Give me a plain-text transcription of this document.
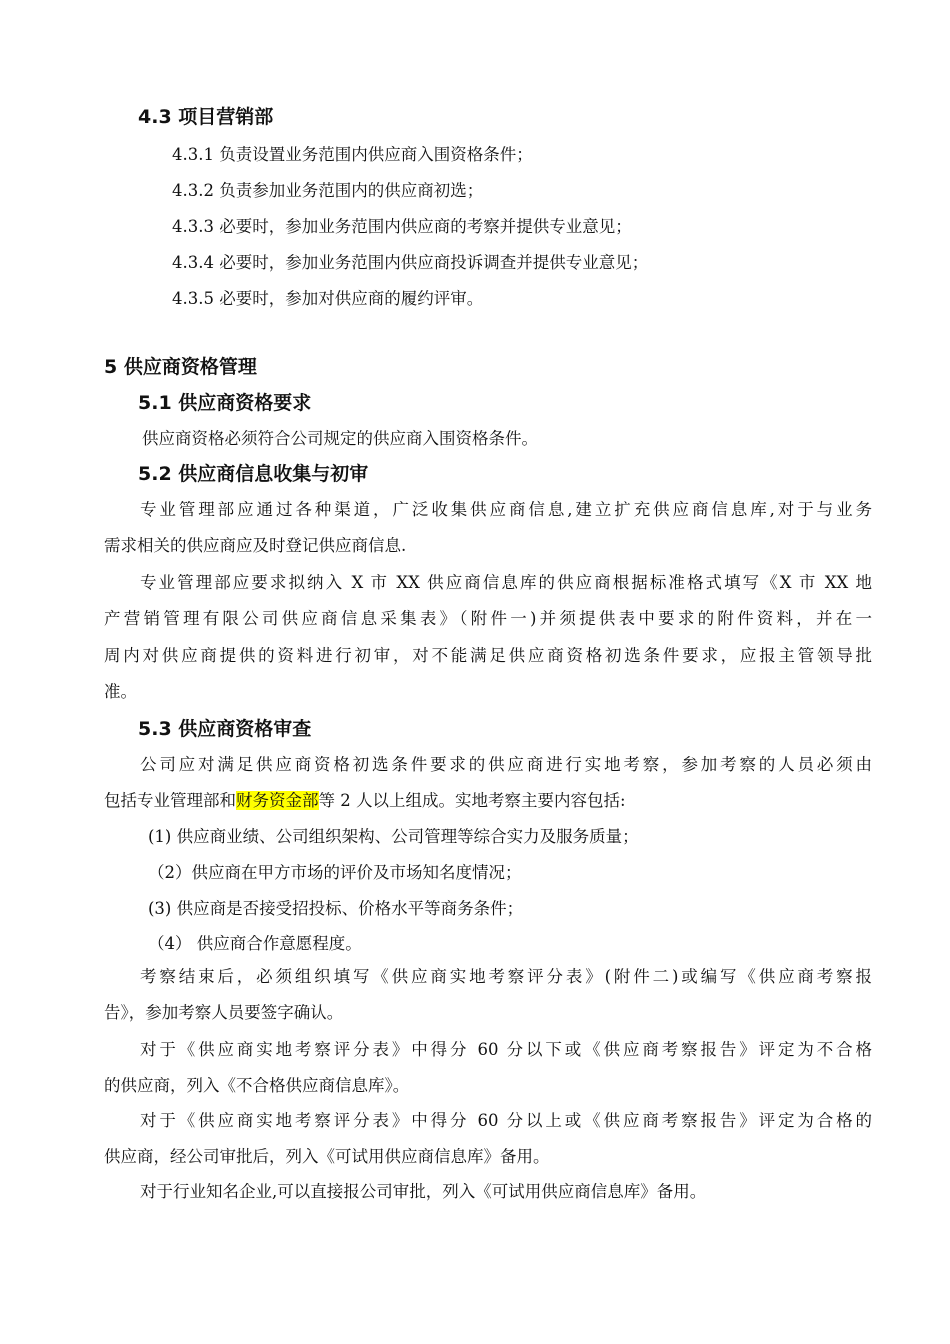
4.3 项目营销部
4.3.1 负责设置业务范围内供应商入围资格条件；
4.3.2 负责参加业务范围内的供应商初选；
4.3.3 必要时，参加业务范围内供应商的考察并提供专业意见；
4.3.4 必要时，参加业务范围内供应商投诉调查并提供专业意见；
4.3.5 必要时，参加对供应商的履约评审。
5 供应商资格管理
5.1 供应商资格要求
供应商资格必须符合公司规定的供应商入围资格条件。
5.2 供应商信息收集与初审
专业管理部应通过各种渠道，广泛收集供应商信息,建立扩充供应商信息库,对于与业务
需求相关的供应商应及时登记供应商信息.
专业管理部应要求拟纳入 X 市 XX 供应商信息库的供应商根据标准格式填写《X 市 XX 地
产营销管理有限公司供应商信息采集表》（附件一)并须提供表中要求的附件资料，并在一
周内对供应商提供的资料进行初审，对不能满足供应商资格初选条件要求，应报主管领导批
准。
5.3 供应商资格审查
公司应对满足供应商资格初选条件要求的供应商进行实地考察，参加考察的人员必须由
包括专业管理部和财务资金部等 2 人以上组成。实地考察主要内容包括:
(1) 供应商业绩、公司组织架构、公司管理等综合实力及服务质量；
（2）供应商在甲方市场的评价及市场知名度情况；
(3) 供应商是否接受招投标、价格水平等商务条件；
（4） 供应商合作意愿程度。
考察结束后，必须组织填写《供应商实地考察评分表》(附件二)或编写《供应商考察报
告》，参加考察人员要签字确认。
对于《供应商实地考察评分表》中得分 60 分以下或《供应商考察报告》评定为不合格
的供应商，列入《不合格供应商信息库》。
对于《供应商实地考察评分表》中得分 60 分以上或《供应商考察报告》评定为合格的
供应商，经公司审批后，列入《可试用供应商信息库》备用。
对于行业知名企业,可以直接报公司审批，列入《可试用供应商信息库》备用。
